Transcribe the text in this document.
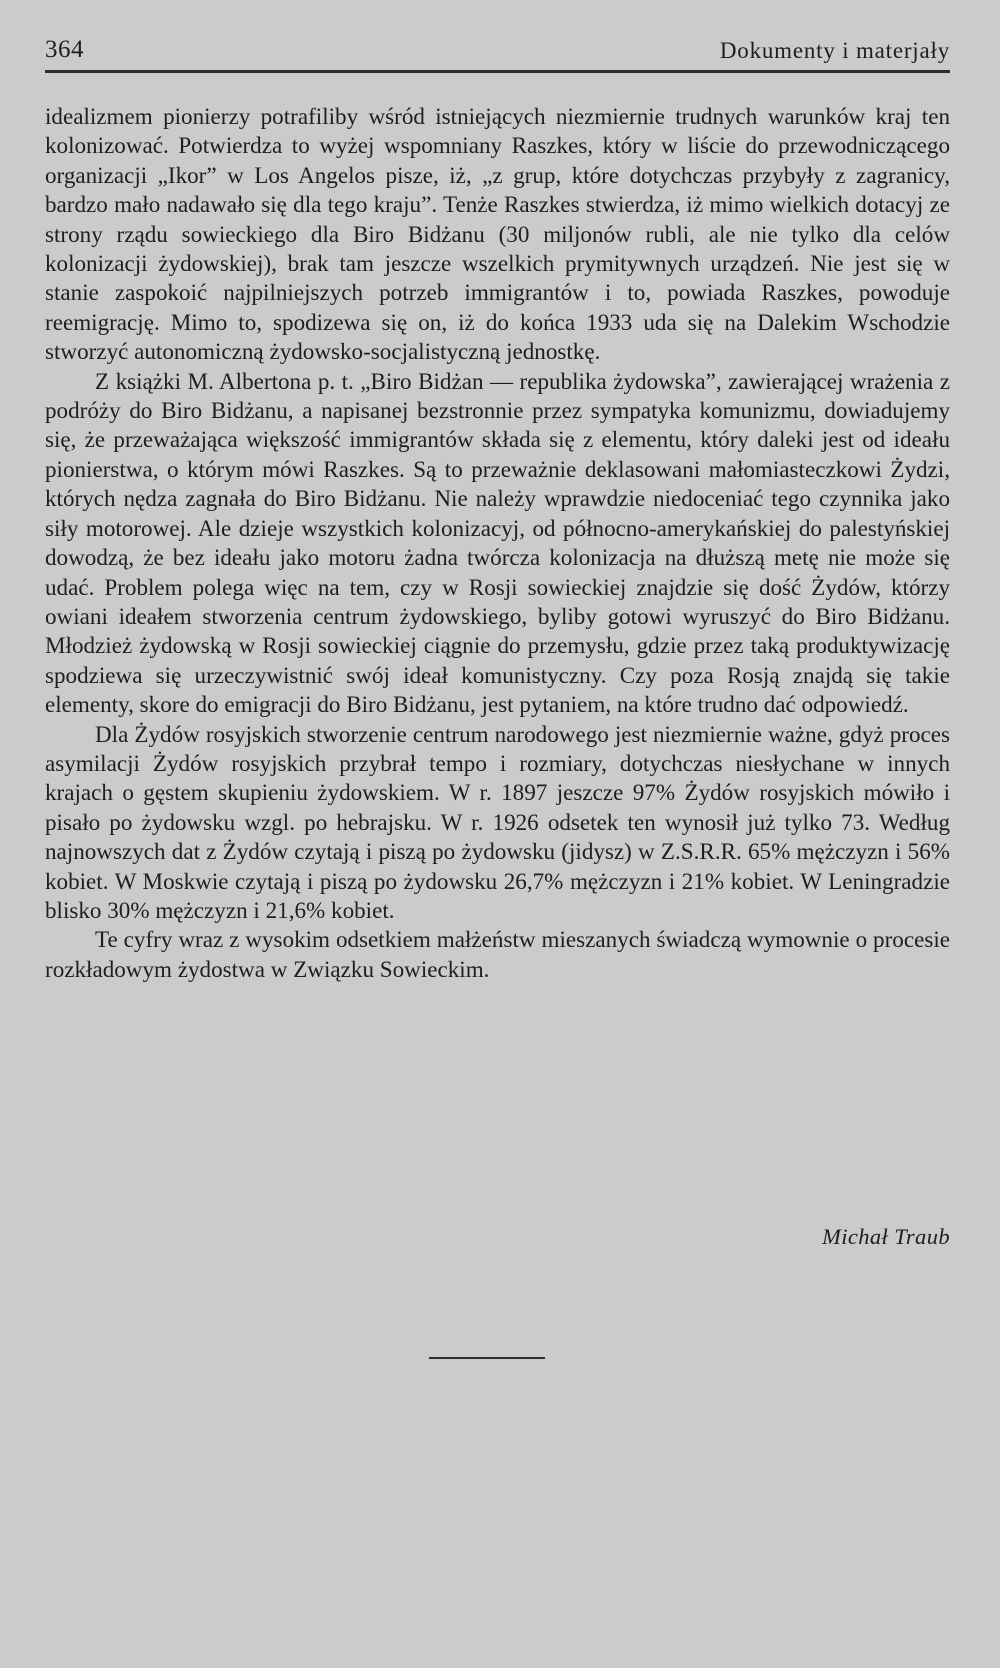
364	Dokumenty i materjały

idealizmem pionierzy potrafiliby wśród istniejących niezmiernie trudnych warunków kraj ten kolonizować. Potwierdza to wyżej wspomniany Raszkes, który w liście do przewodniczącego organizacji „Ikor” w Los Angelos pisze, iż, „z grup, które dotychczas przybyły z zagranicy, bardzo mało nadawało się dla tego kraju”. Tenże Raszkes stwierdza, iż mimo wielkich dotacyj ze strony rządu sowieckiego dla Biro Bidżanu (30 miljonów rubli, ale nie tylko dla celów kolonizacji żydowskiej), brak tam jeszcze wszelkich prymitywnych urządzeń. Nie jest się w stanie zaspokoić najpilniejszych potrzeb immigrantów i to, powiada Raszkes, powoduje reemigrację. Mimo to, spodizewa się on, iż do końca 1933 uda się na Dalekim Wschodzie stworzyć autonomiczną żydowsko-socjalistyczną jednostkę.

Z książki M. Albertona p. t. „Biro Bidżan — republika żydowska”, zawierającej wrażenia z podróży do Biro Bidżanu, a napisanej bezstronnie przez sympatyka komunizmu, dowiadujemy się, że przeważająca większość immigrantów składa się z elementu, który daleki jest od ideału pionierstwa, o którym mówi Raszkes. Są to przeważnie deklasowani małomiasteczkowi Żydzi, których nędza zagnała do Biro Bidżanu. Nie należy wprawdzie niedoceniać tego czynnika jako siły motorowej. Ale dzieje wszystkich kolonizacyj, od północno-amerykańskiej do palestyńskiej dowodzą, że bez ideału jako motoru żadna twórcza kolonizacja na dłuższą metę nie może się udać. Problem polega więc na tem, czy w Rosji sowieckiej znajdzie się dość Żydów, którzy owiani ideałem stworzenia centrum żydowskiego, byliby gotowi wyruszyć do Biro Bidżanu. Młodzież żydowską w Rosji sowieckiej ciągnie do przemysłu, gdzie przez taką produktywizację spodziewa się urzeczywistnić swój ideał komunistyczny. Czy poza Rosją znajdą się takie elementy, skore do emigracji do Biro Bidżanu, jest pytaniem, na które trudno dać odpowiedź.

Dla Żydów rosyjskich stworzenie centrum narodowego jest niezmiernie ważne, gdyż proces asymilacji Żydów rosyjskich przybrał tempo i rozmiary, dotychczas niesłychane w innych krajach o gęstem skupieniu żydowskiem. W r. 1897 jeszcze 97% Żydów rosyjskich mówiło i pisało po żydowsku wzgl. po hebrajsku. W r. 1926 odsetek ten wynosił już tylko 73. Według najnowszych dat z Żydów czytają i piszą po żydowsku (jidysz) w Z.S.R.R. 65% mężczyzn i 56% kobiet. W Moskwie czytają i piszą po żydowsku 26,7% mężczyzn i 21% kobiet. W Leningradzie blisko 30% mężczyzn i 21,6% kobiet.

Te cyfry wraz z wysokim odsetkiem małżeństw mieszanych świadczą wymownie o procesie rozkładowym żydostwa w Związku Sowieckim.

Michał Traub
